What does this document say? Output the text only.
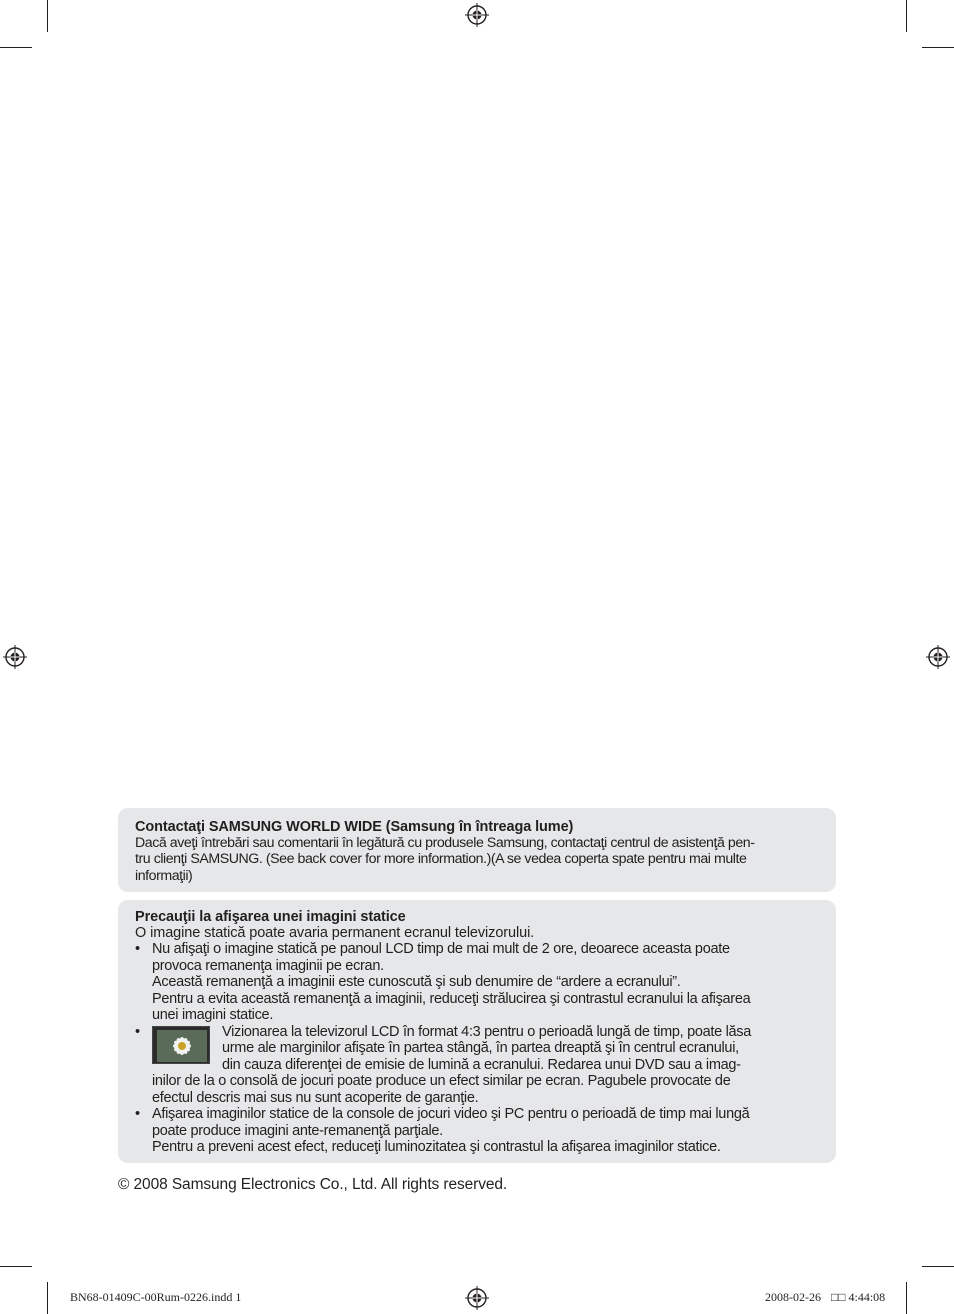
Contactaţi SAMSUNG WORLD WIDE (Samsung în întreaga lume)
Dacă aveţi întrebări sau comentarii în legătură cu produsele Samsung, contactaţi centrul de asistenţă pen-
tru clienţi SAMSUNG. (See back cover for more information.)(A se vedea coperta spate pentru mai multe
informaţii)
Precauţii la afişarea unei imagini statice
O imagine statică poate avaria permanent ecranul televizorului.
• Nu afişaţi o imagine statică pe panoul LCD timp de mai mult de 2 ore, deoarece aceasta poate
provoca remanenţa imaginii pe ecran.
Această remanenţă a imaginii este cunoscută şi sub denumire de “ardere a ecranului”.
Pentru a evita această remanenţă a imaginii, reduceţi strălucirea şi contrastul ecranului la afişarea
unei imagini statice.
•	Vizionarea la televizorul LCD în format 4:3 pentru o perioadă lungă de timp, poate lăsa
urme ale marginilor afişate în partea stângă, în partea dreaptă şi în centrul ecranului,
din cauza diferenţei de emisie de lumină a ecranului. Redarea unui DVD sau a imag-
inilor de la o consolă de jocuri poate produce un efect similar pe ecran. Pagubele provocate de
efectul descris mai sus nu sunt acoperite de garanţie.
• Afişarea imaginilor statice de la console de jocuri video şi PC pentru o perioadă de timp mai lungă
poate produce imagini ante-remanenţă parţiale.
Pentru a preveni acest efect, reduceţi luminozitatea şi contrastul la afişarea imaginilor statice.
© 2008 Samsung Electronics Co., Ltd. All rights reserved.
BN68-01409C-00Rum-0226.indd 1	2008-02-26 □□ 4:44:08
